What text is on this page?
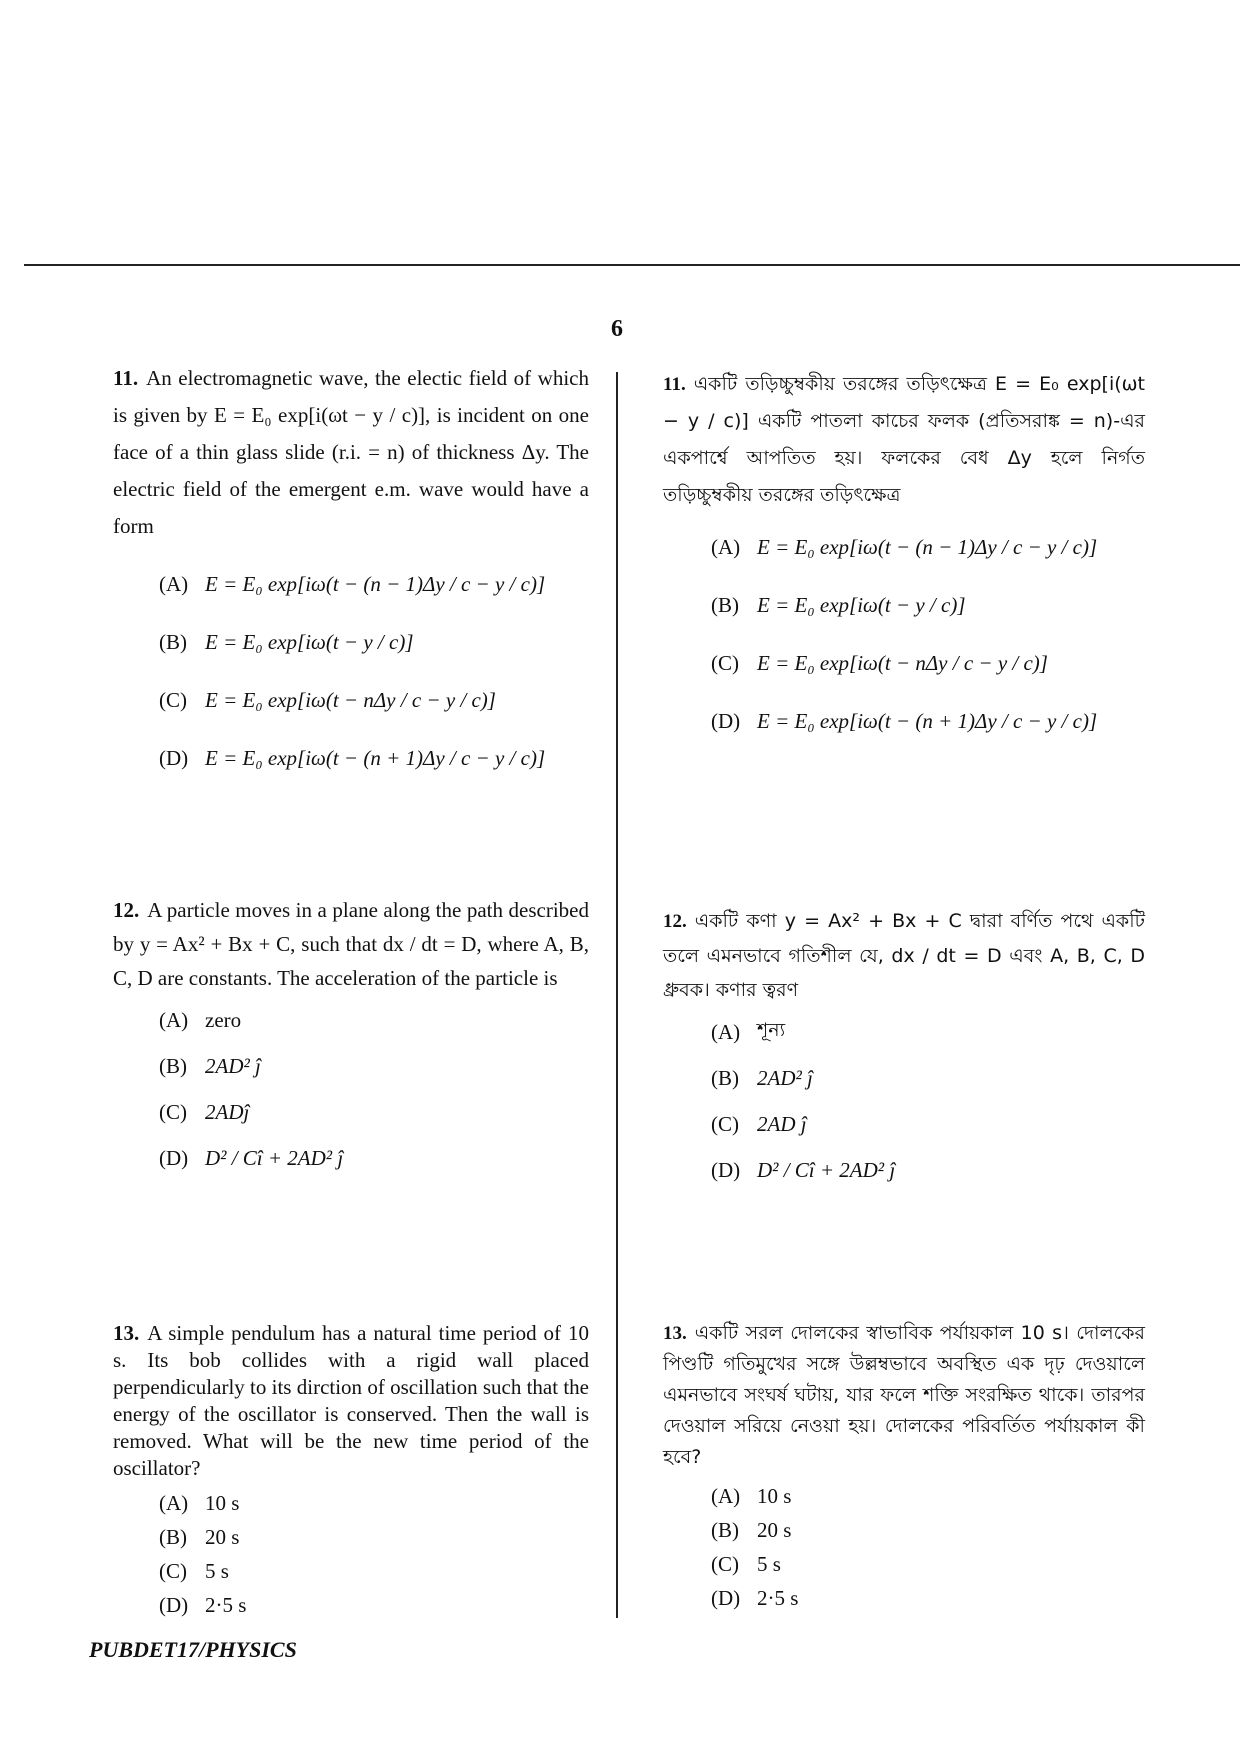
6

11. An electromagnetic wave, the electic field of which is given by E = E₀ exp[i(ωt − y / c)], is incident on one face of a thin glass slide (r.i. = n) of thickness Δy. The electric field of the emergent e.m. wave would have a form

(A) E = E₀ exp[iω(t − (n − 1)Δy / c − y / c)]
(B) E = E₀ exp[iω(t − y / c)]
(C) E = E₀ exp[iω(t − nΔy / c − y / c)]
(D) E = E₀ exp[iω(t − (n + 1)Δy / c − y / c)]

12. A particle moves in a plane along the path described by y = Ax² + Bx + C, such that dx / dt = D, where A, B, C, D are constants. The acceleration of the particle is

(A) zero
(B) 2AD² ĵ
(C) 2ADĵ
(D) D² / Cî + 2AD² ĵ

13. A simple pendulum has a natural time period of 10 s. Its bob collides with a rigid wall placed perpendicularly to its dirction of oscillation such that the energy of the oscillator is conserved. Then the wall is removed. What will be the new time period of the oscillator?

(A) 10 s
(B) 20 s
(C) 5 s
(D) 2·5 s

11. একটি তড়িচ্চুম্বকীয় তরঙ্গের তড়িৎক্ষেত্র E = E₀ exp[i(ωt − y / c)] একটি পাতলা কাচের ফলক (প্রতিসরাঙ্ক = n)-এর একপার্শ্বে আপতিত হয়। ফলকের বেধ Δy হলে নির্গত তড়িচ্চুম্বকীয় তরঙ্গের তড়িৎক্ষেত্র

(A) E = E₀ exp[iω(t − (n − 1)Δy / c − y / c)]
(B) E = E₀ exp[iω(t − y / c)]
(C) E = E₀ exp[iω(t − nΔy / c − y / c)]
(D) E = E₀ exp[iω(t − (n + 1)Δy / c − y / c)]

12. একটি কণা y = Ax² + Bx + C দ্বারা বর্ণিত পথে একটি তলে এমনভাবে গতিশীল যে, dx / dt = D এবং A, B, C, D ধ্রুবক। কণার ত্বরণ

(A) শূন্য
(B) 2AD² ĵ
(C) 2AD ĵ
(D) D² / Cî + 2AD² ĵ

13. একটি সরল দোলকের স্বাভাবিক পর্যায়কাল 10 s। দোলকের পিণ্ডটি গতিমুখের সঙ্গে উল্লম্বভাবে অবস্থিত এক দৃঢ় দেওয়ালে এমনভাবে সংঘর্ষ ঘটায়, যার ফলে শক্তি সংরক্ষিত থাকে। তারপর দেওয়াল সরিয়ে নেওয়া হয়। দোলকের পরিবর্তিত পর্যায়কাল কী হবে?

(A) 10 s
(B) 20 s
(C) 5 s
(D) 2·5 s
PUBDET17/PHYSICS
